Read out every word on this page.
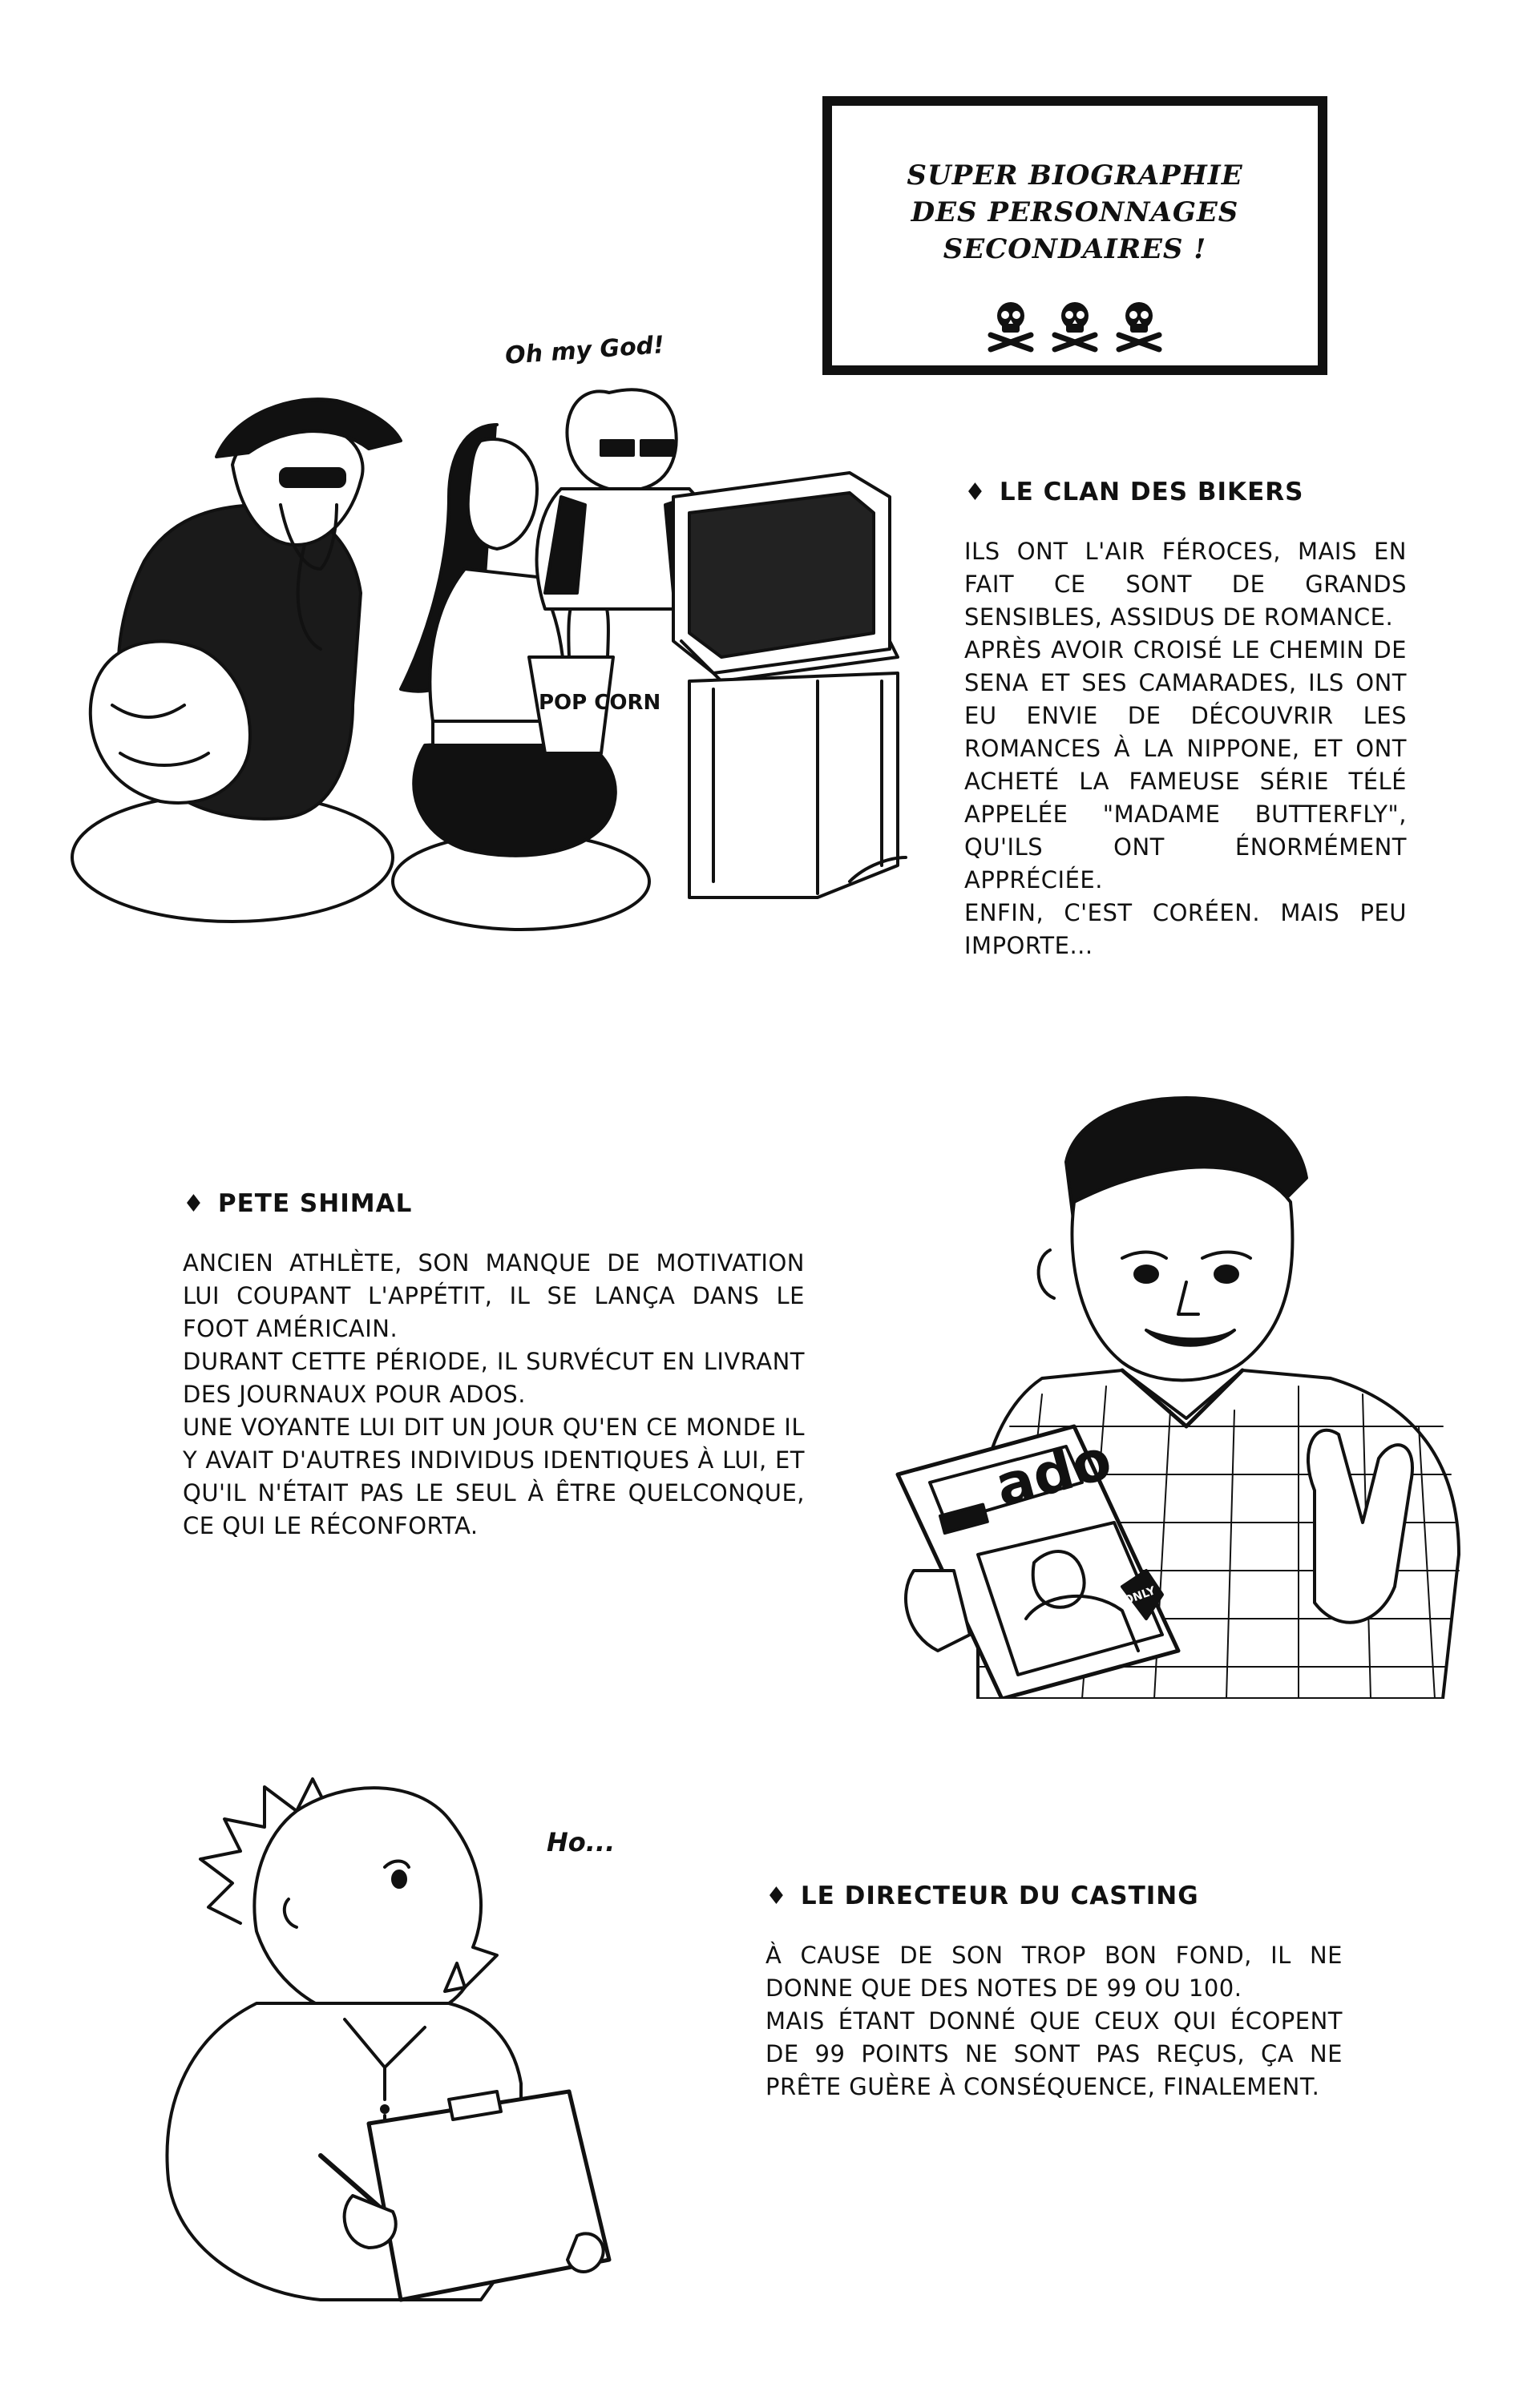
SUPER BIOGRAPHIE
DES PERSONNAGES
SECONDAIRES !
POP CORN
Oh my God!
♦ LE CLAN DES BIKERS
ILS ONT L'AIR FÉROCES, MAIS EN FAIT CE SONT DE GRANDS SENSIBLES, ASSIDUS DE ROMANCE.
APRÈS AVOIR CROISÉ LE CHEMIN DE SENA ET SES CAMARADES, ILS ONT EU ENVIE DE DÉCOUVRIR LES ROMANCES À LA NIPPONE, ET ONT ACHETÉ LA FAMEUSE SÉRIE TÉLÉ APPELÉE "MADAME BUTTERFLY", QU'ILS ONT ÉNORMÉMENT APPRÉCIÉE.
ENFIN, C'EST CORÉEN. MAIS PEU IMPORTE...
♦ PETE SHIMAL
ANCIEN ATHLÈTE, SON MANQUE DE MOTIVATION LUI COUPANT L'APPÉTIT, IL SE LANÇA DANS LE FOOT AMÉRICAIN.
DURANT CETTE PÉRIODE, IL SURVÉCUT EN LIVRANT DES JOURNAUX POUR ADOS.
UNE VOYANTE LUI DIT UN JOUR QU'EN CE MONDE IL Y AVAIT D'AUTRES INDIVIDUS IDENTIQUES À LUI, ET QU'IL N'ÉTAIT PAS LE SEUL À ÊTRE QUELCONQUE, CE QUI LE RÉCONFORTA.
ado
ONLY
Ho...
♦ LE DIRECTEUR DU CASTING
À CAUSE DE SON TROP BON FOND, IL NE DONNE QUE DES NOTES DE 99 OU 100.
MAIS ÉTANT DONNÉ QUE CEUX QUI ÉCOPENT DE 99 POINTS NE SONT PAS REÇUS, ÇA NE PRÊTE GUÈRE À CONSÉQUENCE, FINALEMENT.
